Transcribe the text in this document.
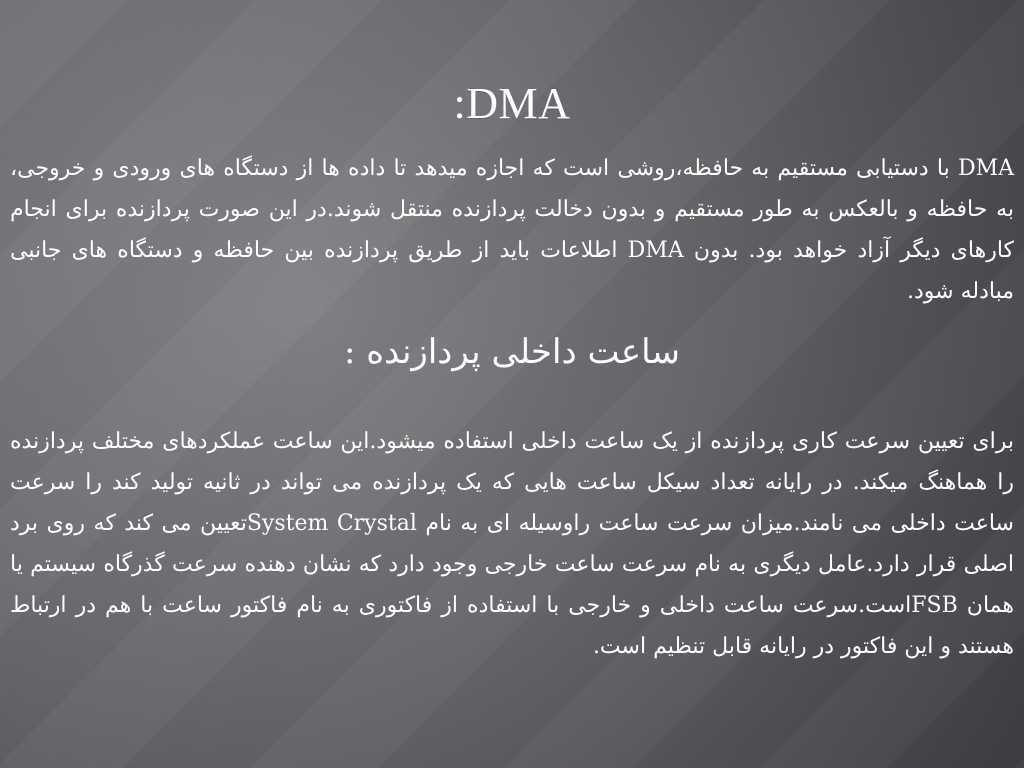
:DMA

DMA با دستیابی مستقیم به حافظه،روشی است که اجازه میدهد تا داده ها از دستگاه های ورودی و خروجی، به حافظه و بالعکس به طور مستقیم و بدون دخالت پردازنده منتقل شوند.در این صورت پردازنده برای انجام کارهای دیگر آزاد خواهد بود. بدون DMA اطلاعات باید از طریق پردازنده بین حافظه و دستگاه های جانبی مبادله شود.

ساعت داخلی پردازنده :

برای تعیین سرعت کاری پردازنده از یک ساعت داخلی استفاده میشود.این ساعت عملکردهای مختلف پردازنده را هماهنگ میکند. در رایانه تعداد سیکل ساعت هایی که یک پردازنده می تواند در ثانیه تولید کند را سرعت ساعت داخلی می نامند.میزان سرعت ساعت راوسیله ای به نام System Crystalتعیین می کند که روی برد اصلی قرار دارد.عامل دیگری به نام سرعت ساعت خارجی وجود دارد که نشان دهنده سرعت گذرگاه سیستم یا همان FSBاست.سرعت ساعت داخلی و خارجی با استفاده از فاکتوری به نام فاکتور ساعت با هم در ارتباط هستند و این فاکتور در رایانه قابل تنظیم است.
